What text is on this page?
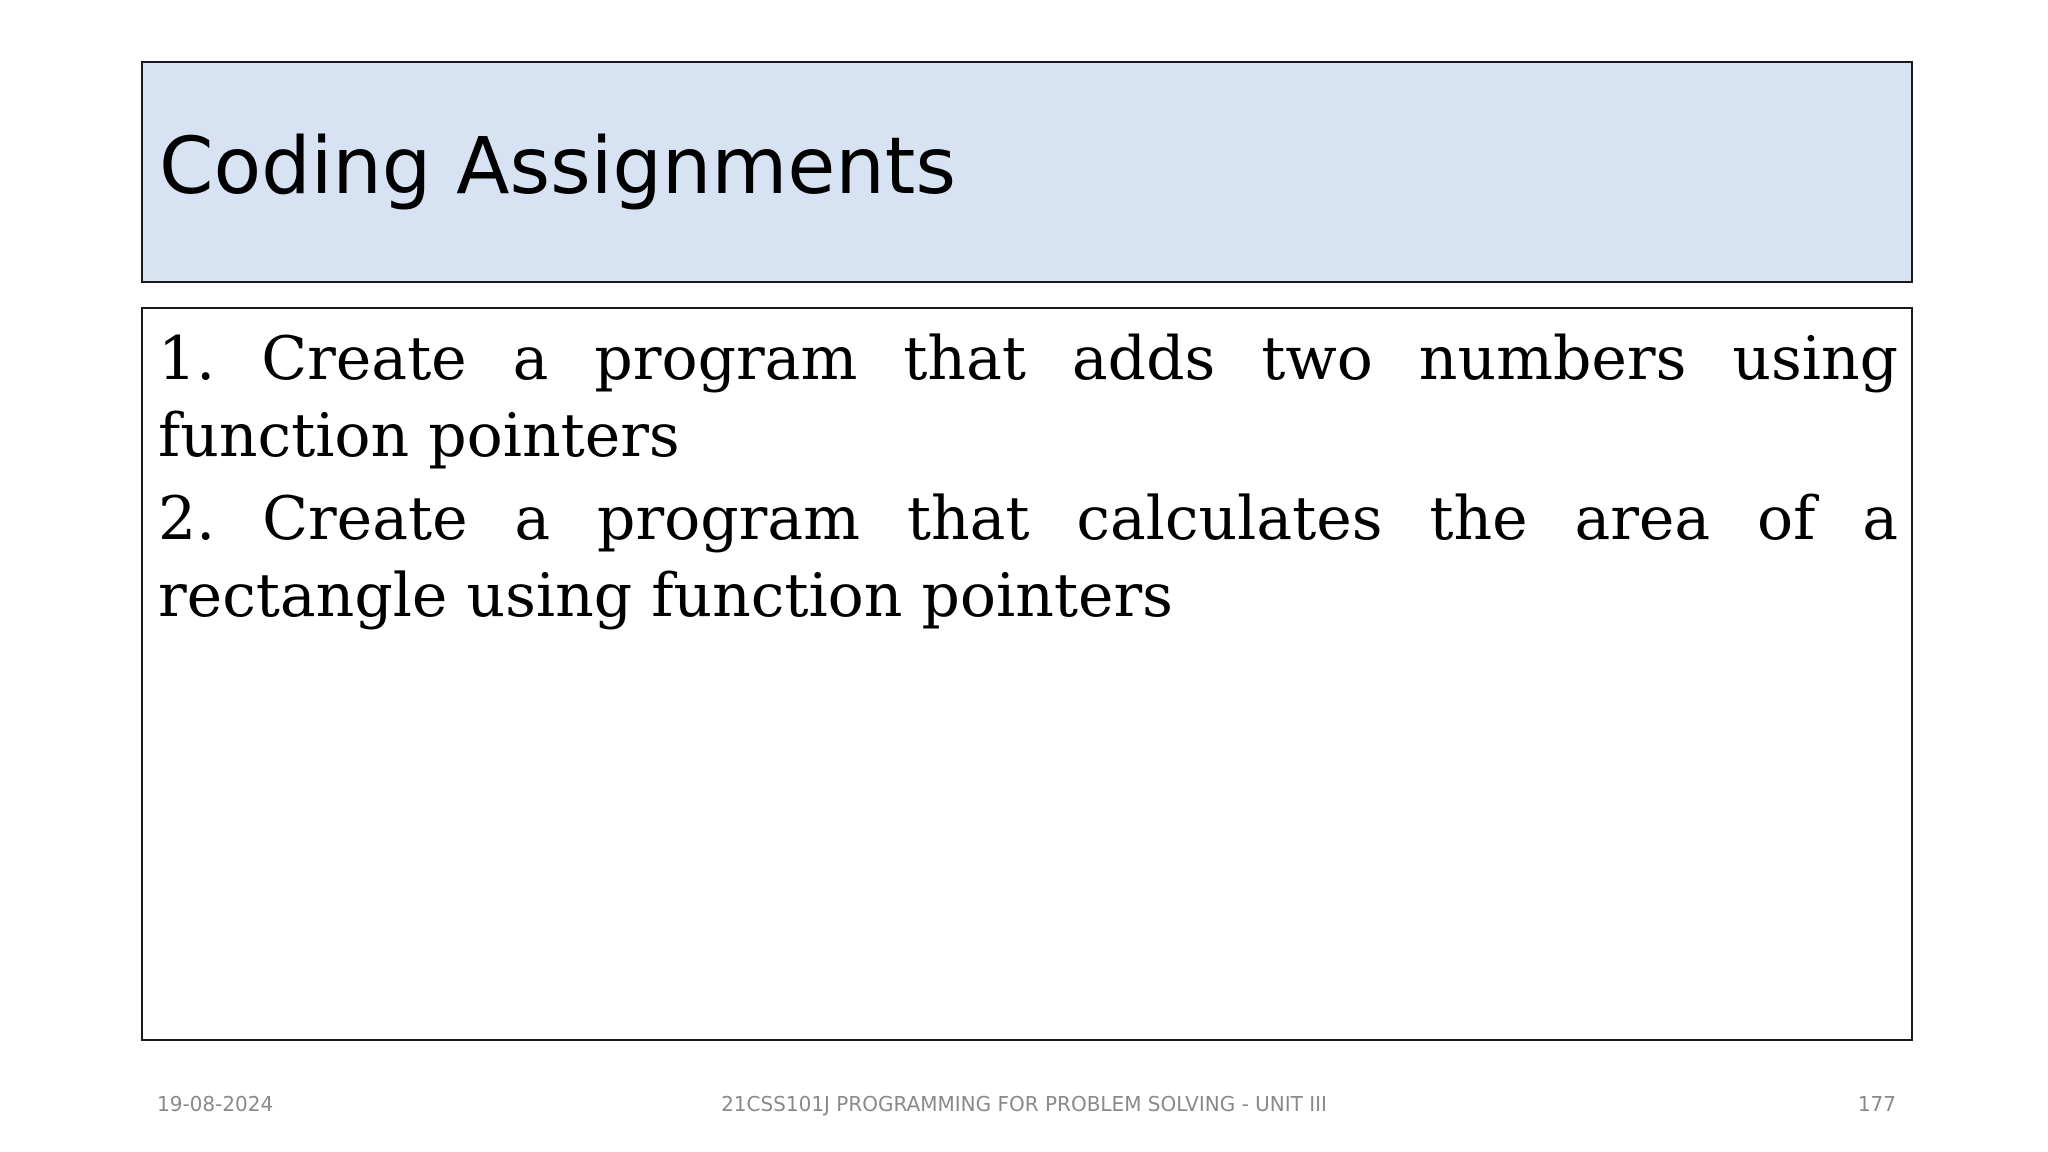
Coding Assignments
1. Create a program that adds two numbers using function pointers
2. Create a program that calculates the area of a rectangle using function pointers
19-08-2024	21CSS101J PROGRAMMING FOR PROBLEM SOLVING - UNIT III	177
